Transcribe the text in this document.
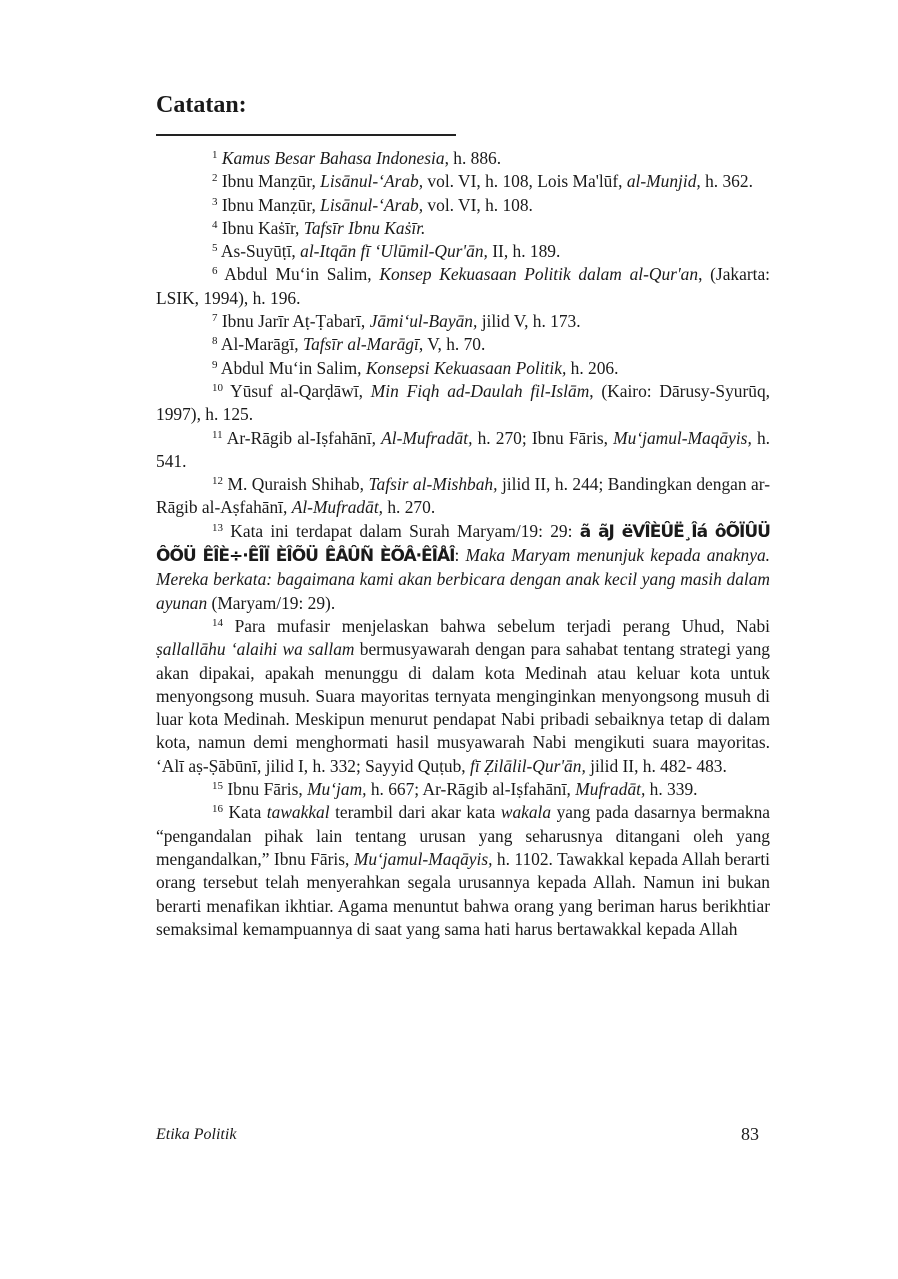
Catatan:

$^1$ Kamus Besar Bahasa Indonesia, h. 886.

$^2$ Ibnu Manẓūr, Lisānul-‘Arab, vol. VI, h. 108, Lois Ma'lūf, al-Munjid, h. 362.

$^3$ Ibnu Manẓūr, Lisānul-‘Arab, vol. VI, h. 108.

$^4$ Ibnu Kaṡīr, Tafsīr Ibnu Kaṡīr.

$^5$ As-Suyūṭī, al-Itqān fī ‘Ulūmil-Qur'ān, II, h. 189.

$^6$ Abdul Mu‘in Salim, Konsep Kekuasaan Politik dalam al-Qur'an, (Jakarta: LSIK, 1994), h. 196.

$^7$ Ibnu Jarīr Aṭ-Ṭabarī, Jāmi‘ul-Bayān, jilid V, h. 173.

$^8$ Al-Marāgī, Tafsīr al-Marāgī, V, h. 70.

$^9$ Abdul Mu‘in Salim, Konsepsi Kekuasaan Politik, h. 206.

$^{10}$ Yūsuf al-Qarḍāwī, Min Fiqh ad-Daulah fil-Islām, (Kairo: Dārusy-Syurūq, 1997), h. 125.

$^{11}$ Ar-Rāgib al-Iṣfahānī, Al-Mufradāt, h. 270; Ibnu Fāris, Mu‘jamul-Maqāyis, h. 541.

$^{12}$ M. Quraish Shihab, Tafsir al-Mishbah, jilid II, h. 244; Bandingkan dengan ar-Rāgib al-Aṣfahānī, Al-Mufradāt, h. 270.

$^{13}$ Kata ini terdapat dalam Surah Maryam/19: 29: ã ãJ ëVÎÈÛË¸Îá ôÕÏÛÜ ÔÕÜ ÊÎÈ÷·ÊÎÏ ÈÎÕÜ ÊÂÛÑ ÈÕÂ·ÊÎÅÎ: Maka Maryam menunjuk kepada anaknya. Mereka berkata: bagaimana kami akan berbicara dengan anak kecil yang masih dalam ayunan (Maryam/19: 29).

$^{14}$ Para mufasir menjelaskan bahwa sebelum terjadi perang Uhud, Nabi ṣallallāhu ‘alaihi wa sallam bermusyawarah dengan para sahabat tentang strategi yang akan dipakai, apakah menunggu di dalam kota Medinah atau keluar kota untuk menyongsong musuh. Suara mayoritas ternyata menginginkan menyongsong musuh di luar kota Medinah. Meskipun menurut pendapat Nabi pribadi sebaiknya tetap di dalam kota, namun demi menghormati hasil musyawarah Nabi mengikuti suara mayoritas. ‘Alī aṣ-Ṣābūnī, jilid I, h. 332; Sayyid Quṭub, fī Ẓilālil-Qur'ān, jilid II, h. 482- 483.

$^{15}$ Ibnu Fāris, Mu‘jam, h. 667; Ar-Rāgib al-Iṣfahānī, Mufradāt, h. 339.

$^{16}$ Kata tawakkal terambil dari akar kata wakala yang pada dasarnya bermakna “pengandalan pihak lain tentang urusan yang seharusnya ditangani oleh yang mengandalkan,” Ibnu Fāris, Mu‘jamul-Maqāyis, h. 1102. Tawakkal kepada Allah berarti orang tersebut telah menyerahkan segala urusannya kepada Allah. Namun ini bukan berarti menafikan ikhtiar. Agama menuntut bahwa orang yang beriman harus berikhtiar semaksimal kemampuannya di saat yang sama hati harus bertawakkal kepada Allah

Etika Politik	83
